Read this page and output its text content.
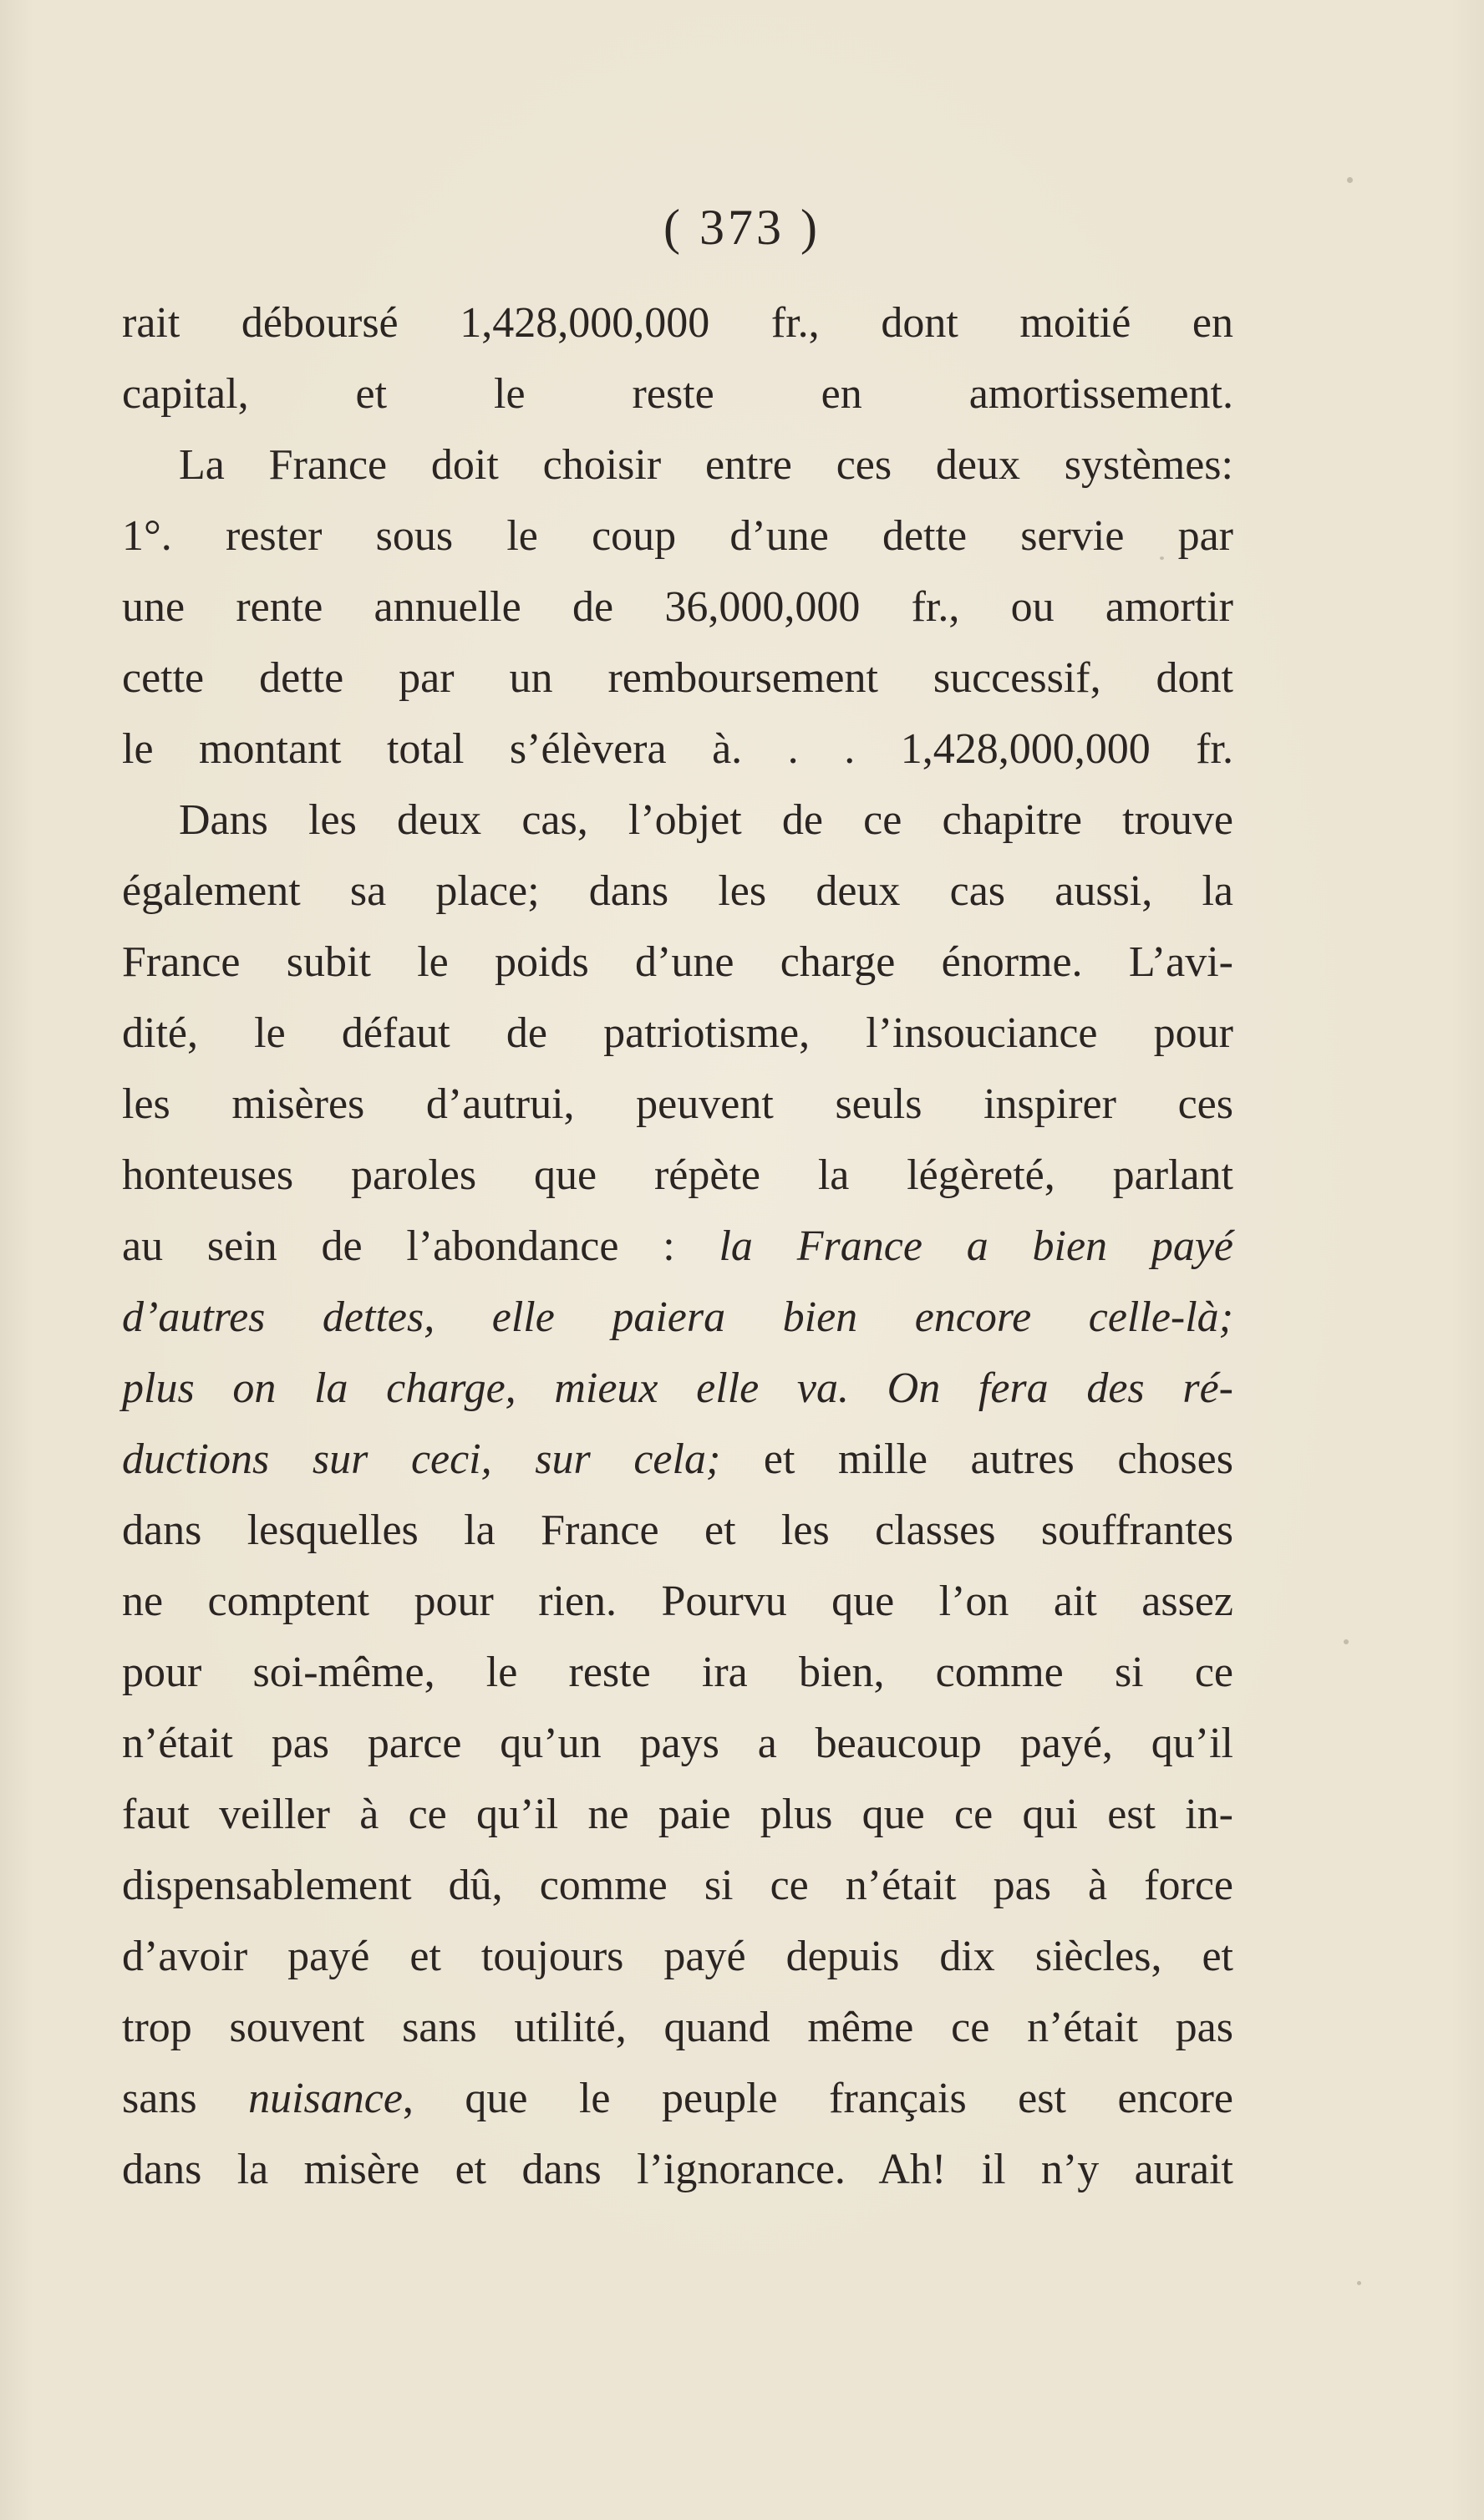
( 373 )
rait déboursé 1,428,000,000 fr., dont moitié en
capital, et le reste en amortissement.
La France doit choisir entre ces deux systèmes:
1°. rester sous le coup d’une dette servie par
une rente annuelle de 36,000,000 fr., ou amortir
cette dette par un remboursement successif, dont
le montant total s’élèvera à. . . 1,428,000,000 fr.
Dans les deux cas, l’objet de ce chapitre trouve
également sa place; dans les deux cas aussi, la
France subit le poids d’une charge énorme. L’avi-
dité, le défaut de patriotisme, l’insouciance pour
les misères d’autrui, peuvent seuls inspirer ces
honteuses paroles que répète la légèreté, parlant
au sein de l’abondance : la France a bien payé
d’autres dettes, elle paiera bien encore celle-là;
plus on la charge, mieux elle va. On fera des ré-
ductions sur ceci, sur cela; et mille autres choses
dans lesquelles la France et les classes souffrantes
ne comptent pour rien. Pourvu que l’on ait assez
pour soi-même, le reste ira bien, comme si ce
n’était pas parce qu’un pays a beaucoup payé, qu’il
faut veiller à ce qu’il ne paie plus que ce qui est in-
dispensablement dû, comme si ce n’était pas à force
d’avoir payé et toujours payé depuis dix siècles, et
trop souvent sans utilité, quand même ce n’était pas
sans nuisance, que le peuple français est encore
dans la misère et dans l’ignorance. Ah! il n’y aurait
